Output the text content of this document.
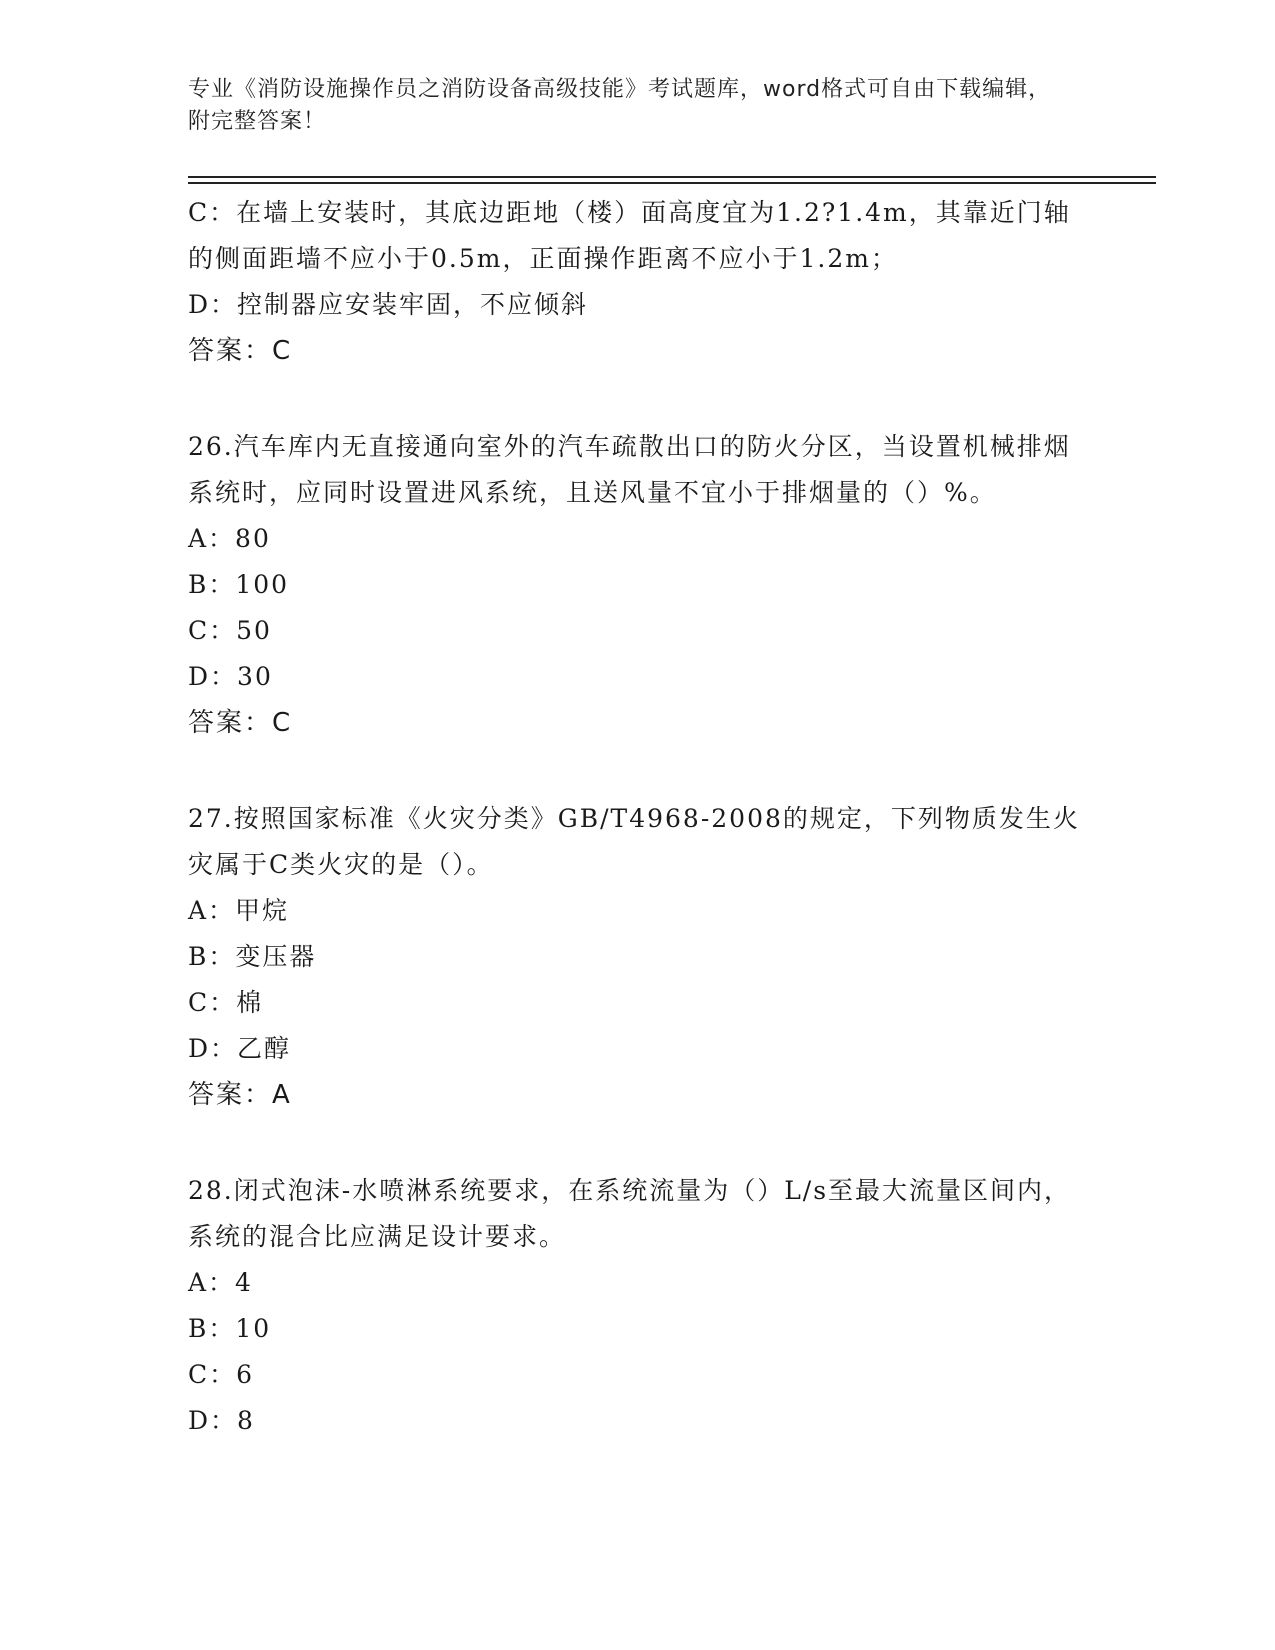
专业《消防设施操作员之消防设备高级技能》考试题库，word格式可自由下载编辑，附完整答案！
C：在墙上安装时，其底边距地（楼）面高度宜为1.2?1.4m，其靠近门轴的侧面距墙不应小于0.5m，正面操作距离不应小于1.2m；
D：控制器应安装牢固，不应倾斜
答案：C
26.汽车库内无直接通向室外的汽车疏散出口的防火分区，当设置机械排烟系统时，应同时设置进风系统，且送风量不宜小于排烟量的（）%。
A：80
B：100
C：50
D：30
答案：C
27.按照国家标准《火灾分类》GB/T4968-2008的规定，下列物质发生火灾属于C类火灾的是（）。
A：甲烷
B：变压器
C：棉
D：乙醇
答案：A
28.闭式泡沫-水喷淋系统要求，在系统流量为（）L/s至最大流量区间内，系统的混合比应满足设计要求。
A：4
B：10
C：6
D：8
